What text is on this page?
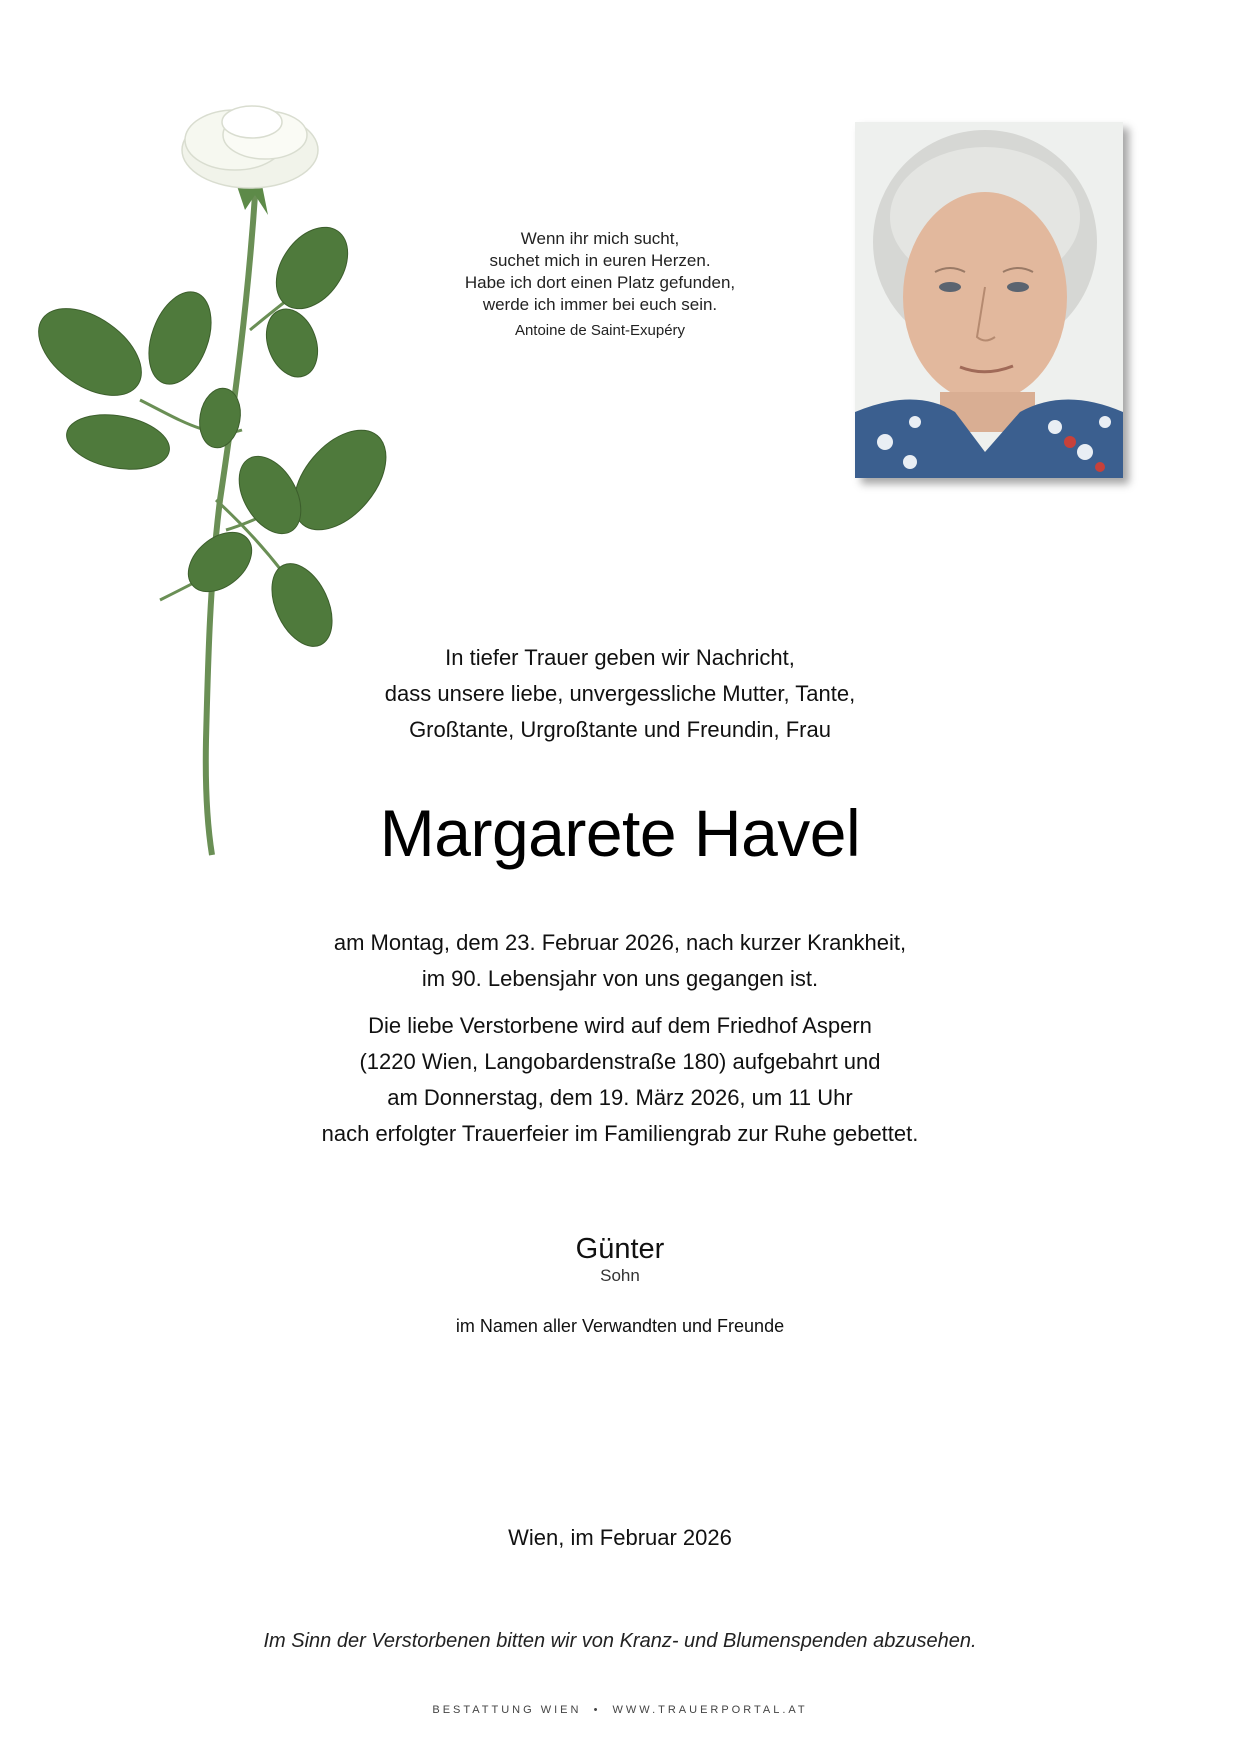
Wenn ihr mich sucht,
suchet mich in euren Herzen.
Habe ich dort einen Platz gefunden,
werde ich immer bei euch sein.
Antoine de Saint-Exupéry
In tiefer Trauer geben wir Nachricht,
dass unsere liebe, unvergessliche Mutter, Tante,
Großtante, Urgroßtante und Freundin, Frau
Margarete Havel
am Montag, dem 23. Februar 2026, nach kurzer Krankheit,
im 90. Lebensjahr von uns gegangen ist.
Die liebe Verstorbene wird auf dem Friedhof Aspern
(1220 Wien, Langobardenstraße 180) aufgebahrt und
am Donnerstag, dem 19. März 2026, um 11 Uhr
nach erfolgter Trauerfeier im Familiengrab zur Ruhe gebettet.
Günter
Sohn
im Namen aller Verwandten und Freunde
Wien, im Februar 2026
Im Sinn der Verstorbenen bitten wir von Kranz- und Blumenspenden abzusehen.
BESTATTUNG WIEN  •  WWW.TRAUERPORTAL.AT
